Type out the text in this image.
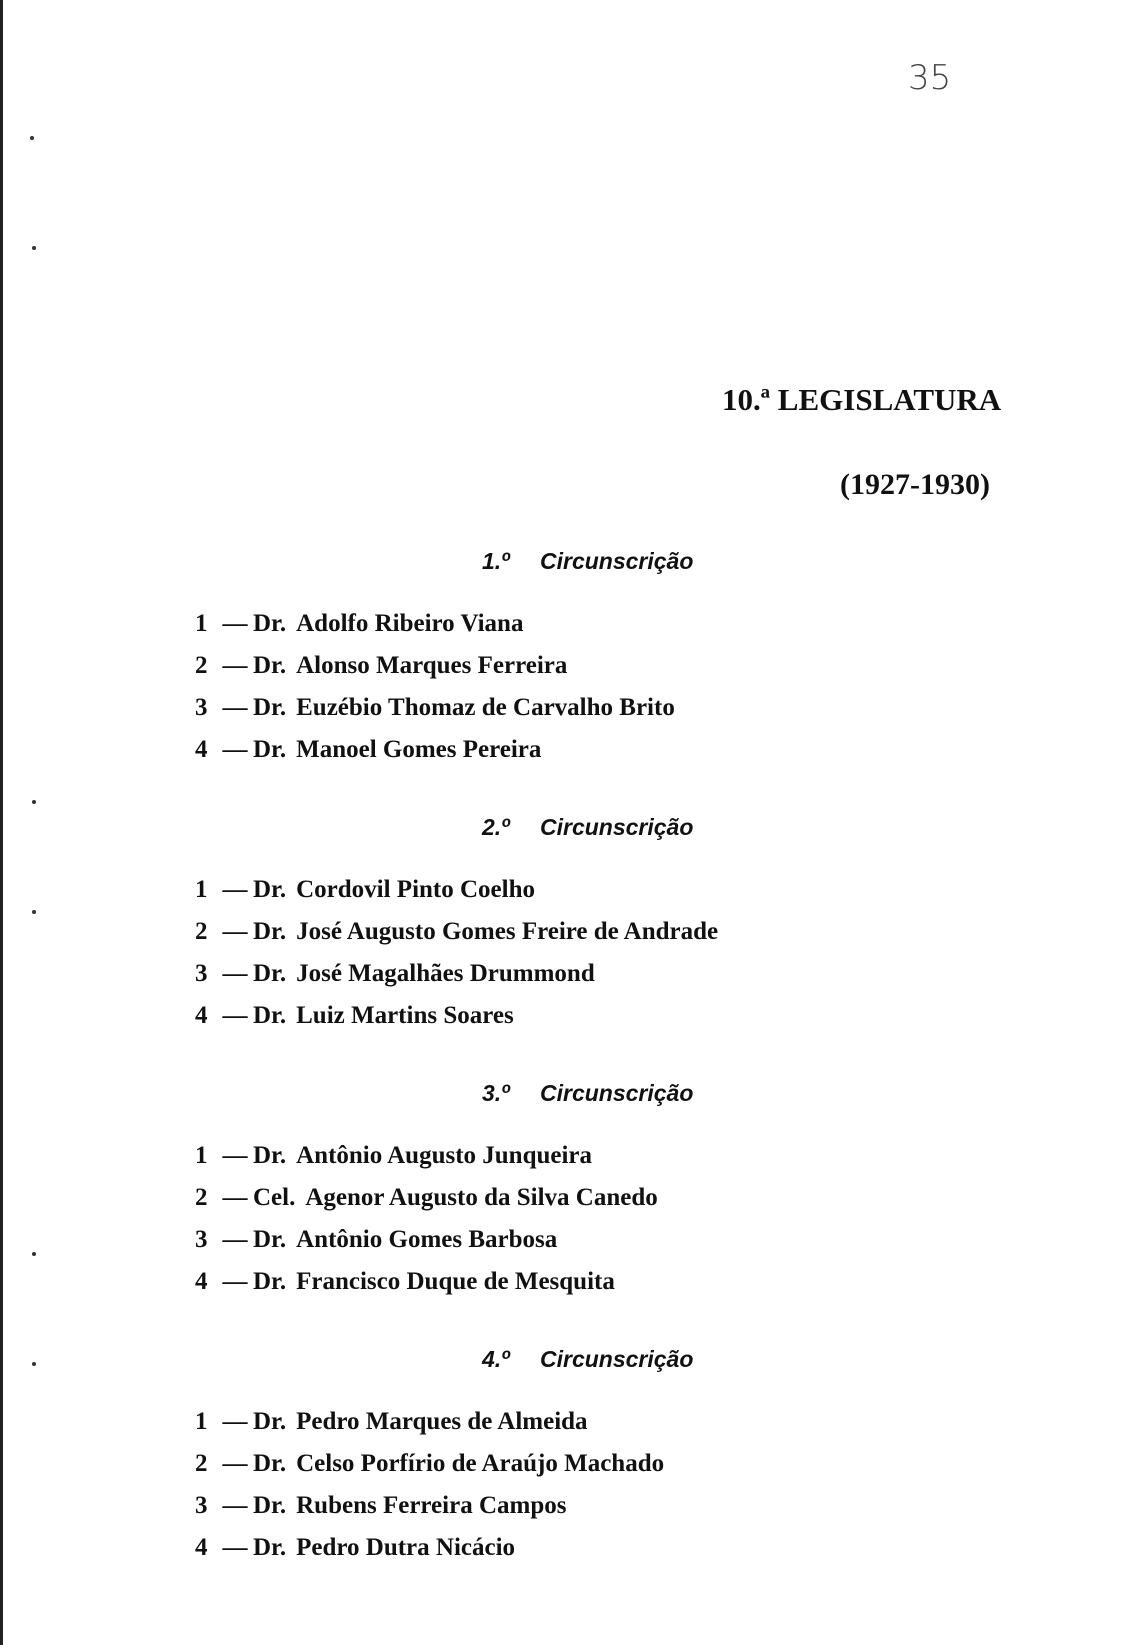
35
10.ª LEGISLATURA
(1927-1930)
1.º Circunscrição
1 — Dr. Adolfo Ribeiro Viana
2 — Dr. Alonso Marques Ferreira
3 — Dr. Euzébio Thomaz de Carvalho Brito
4 — Dr. Manoel Gomes Pereira
2.º Circunscrição
1 — Dr. Cordovil Pinto Coelho
2 — Dr. José Augusto Gomes Freire de Andrade
3 — Dr. José Magalhães Drummond
4 — Dr. Luiz Martins Soares
3.º Circunscrição
1 — Dr. Antônio Augusto Junqueira
2 — Cel. Agenor Augusto da Silva Canedo
3 — Dr. Antônio Gomes Barbosa
4 — Dr. Francisco Duque de Mesquita
4.º Circunscrição
1 — Dr. Pedro Marques de Almeida
2 — Dr. Celso Porfírio de Araújo Machado
3 — Dr. Rubens Ferreira Campos
4 — Dr. Pedro Dutra Nicácio
